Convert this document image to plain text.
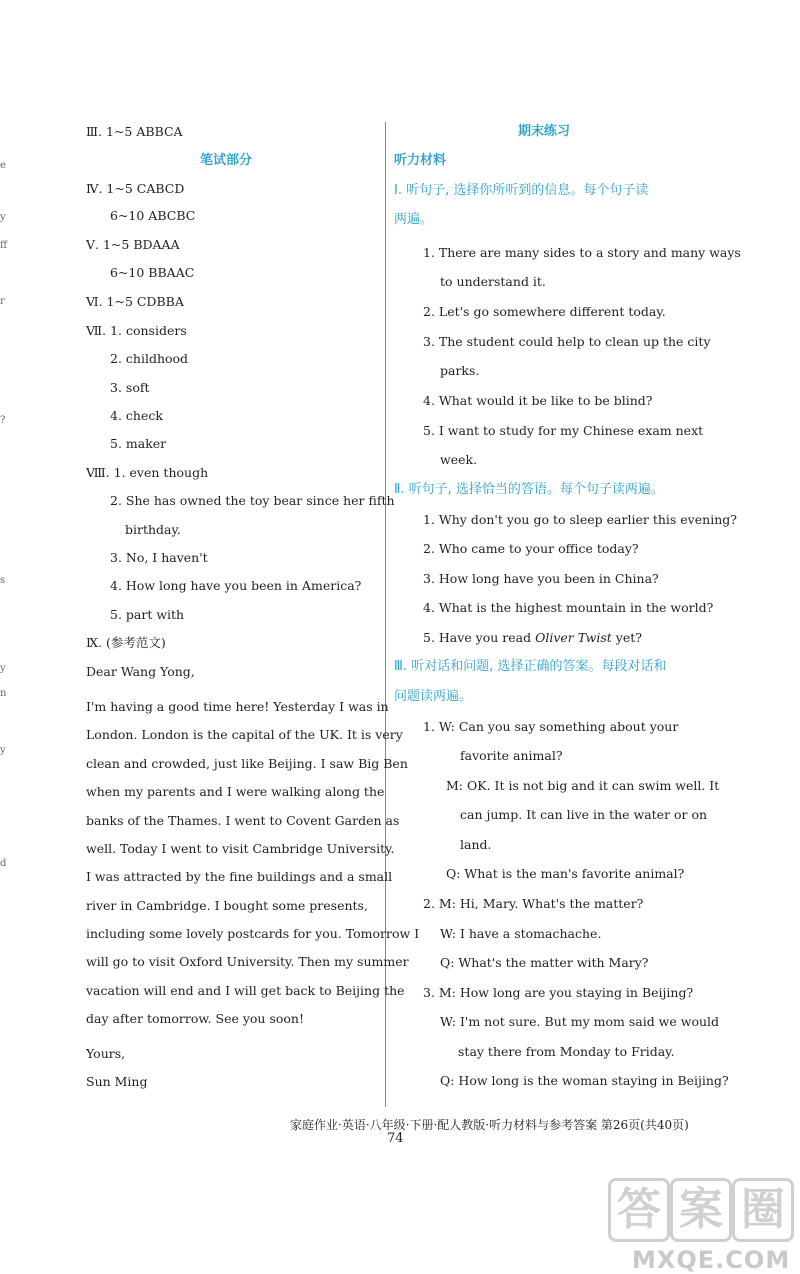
Ⅲ. 1~5 ABBCA
笔试部分
Ⅳ. 1~5 CABCD
6~10 ABCBC
Ⅴ. 1~5 BDAAA
6~10 BBAAC
Ⅵ. 1~5 CDBBA
Ⅶ. 1. considers
2. childhood
3. soft
4. check
5. maker
Ⅷ. 1. even though
2. She has owned the toy bear since her fifth
birthday.
3. No, I haven't
4. How long have you been in America?
5. part with
Ⅸ. (参考范文)
Dear Wang Yong,
I'm having a good time here! Yesterday I was in
London. London is the capital of the UK. It is very
clean and crowded, just like Beijing. I saw Big Ben
when my parents and I were walking along the
banks of the Thames. I went to Covent Garden as
well. Today I went to visit Cambridge University.
I was attracted by the fine buildings and a small
river in Cambridge. I bought some presents,
including some lovely postcards for you. Tomorrow I
will go to visit Oxford University. Then my summer
vacation will end and I will get back to Beijing the
day after tomorrow. See you soon!
Yours,
Sun Ming
期末练习
听力材料
Ⅰ. 听句子, 选择你所听到的信息。每个句子读
两遍。
1. There are many sides to a story and many ways
to understand it.
2. Let's go somewhere different today.
3. The student could help to clean up the city
parks.
4. What would it be like to be blind?
5. I want to study for my Chinese exam next
week.
Ⅱ. 听句子, 选择恰当的答语。每个句子读两遍。
1. Why don't you go to sleep earlier this evening?
2. Who came to your office today?
3. How long have you been in China?
4. What is the highest mountain in the world?
5. Have you read Oliver Twist yet?
Ⅲ. 听对话和问题, 选择正确的答案。每段对话和
问题读两遍。
1. W: Can you say something about your
favorite animal?
M: OK. It is not big and it can swim well. It
can jump. It can live in the water or on
land.
Q: What is the man's favorite animal?
2. M: Hi, Mary. What's the matter?
W: I have a stomachache.
Q: What's the matter with Mary?
3. M: How long are you staying in Beijing?
W: I'm not sure. But my mom said we would
stay there from Monday to Friday.
Q: How long is the woman staying in Beijing?
e
y
ff
r
?
s
y
n
y
d
家庭作业·英语·八年级·下册·配人教版·听力材料与参考答案 第26页(共40页)
74
答 案 圈
MXQE.COM
